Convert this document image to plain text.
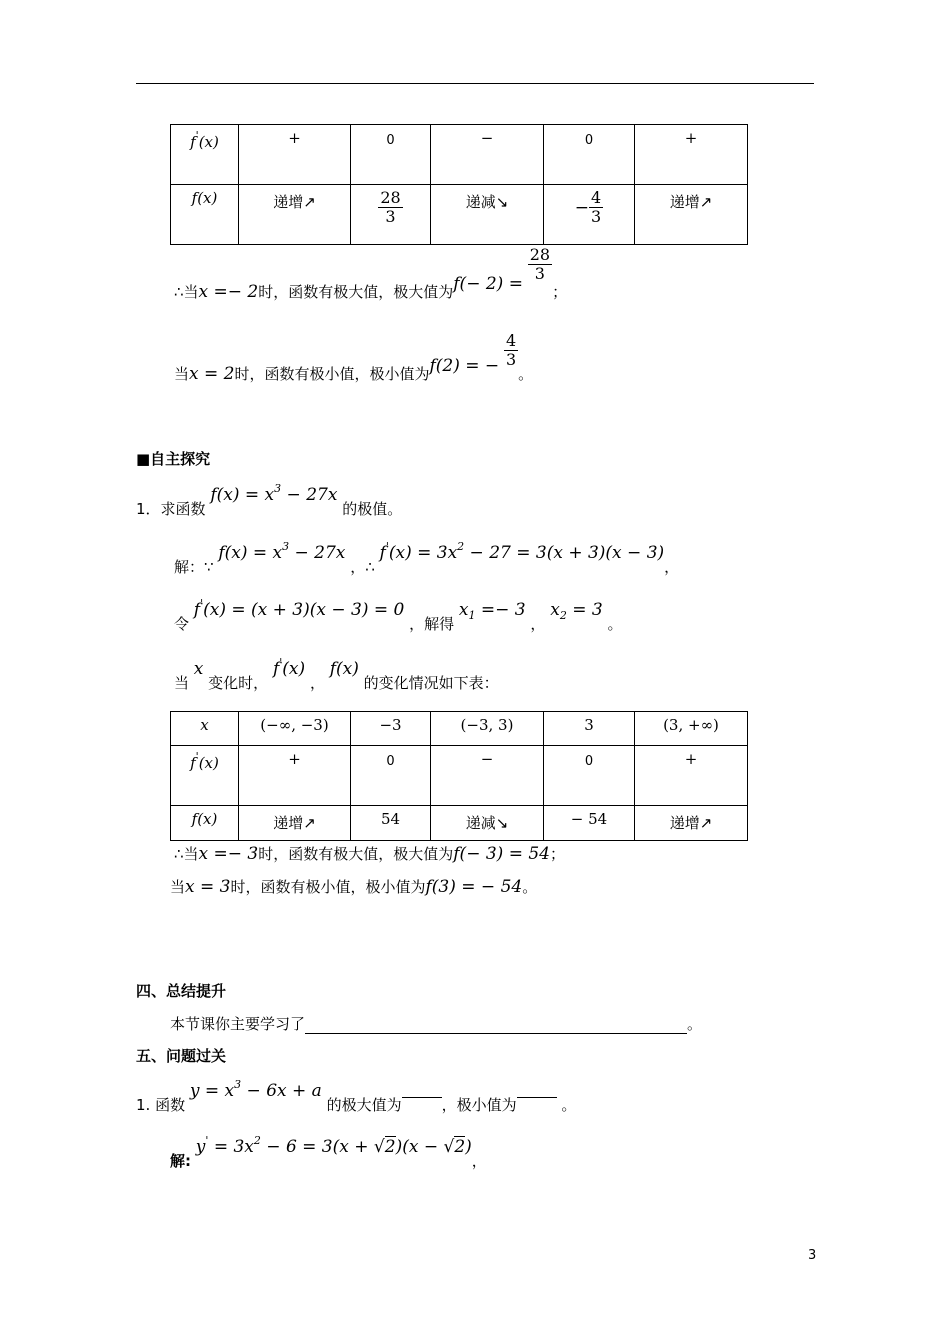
f'(x)	+	0	−	0	+
f(x)	递增↗	$\frac{28}{3}$	递减↘	− $\frac{4}{3}$	递增↗
∴当x =− 2时，函数有极大值，极大值为f(− 2) =
$\frac{28}{3}$
；
当x = 2时，函数有极小值，极小值为f(2) = − $\frac{4}{3}$
。
■自主探究
1．求函数 $f(x) = x^3 - 27x$ 的极值。
解：∵ $f(x) = x^3 - 27x$ ，∴ $f'(x) = 3x^2 - 27 = 3(x + 3)(x - 3)$，
令 f'(x) = (x + 3)(x − 3) = 0 ，解得 $x_1 =- 3$ ， $x_2 = 3$ 。
当 x 变化时， f'(x) ， f(x) 的变化情况如下表：
x	(−∞, −3)	−3	(−3, 3)	3	(3, +∞)
f'(x)	+	0	−	0	+
f(x)	递增↗	54	递减↘	− 54	递增↗
∴当x =− 3时，函数有极大值，极大值为f(− 3) = 54；
当x = 3时，函数有极小值，极小值为f(3) = − 54。
四、总结提升
本节课你主要学习了	。
五、问题过关
1. 函数 $y = x^3 - 6x + a$ 的极大值为	，极小值为	。
解: $y' = 3x^2 - 6 = 3(x + √2)(x - √2)$，
3
